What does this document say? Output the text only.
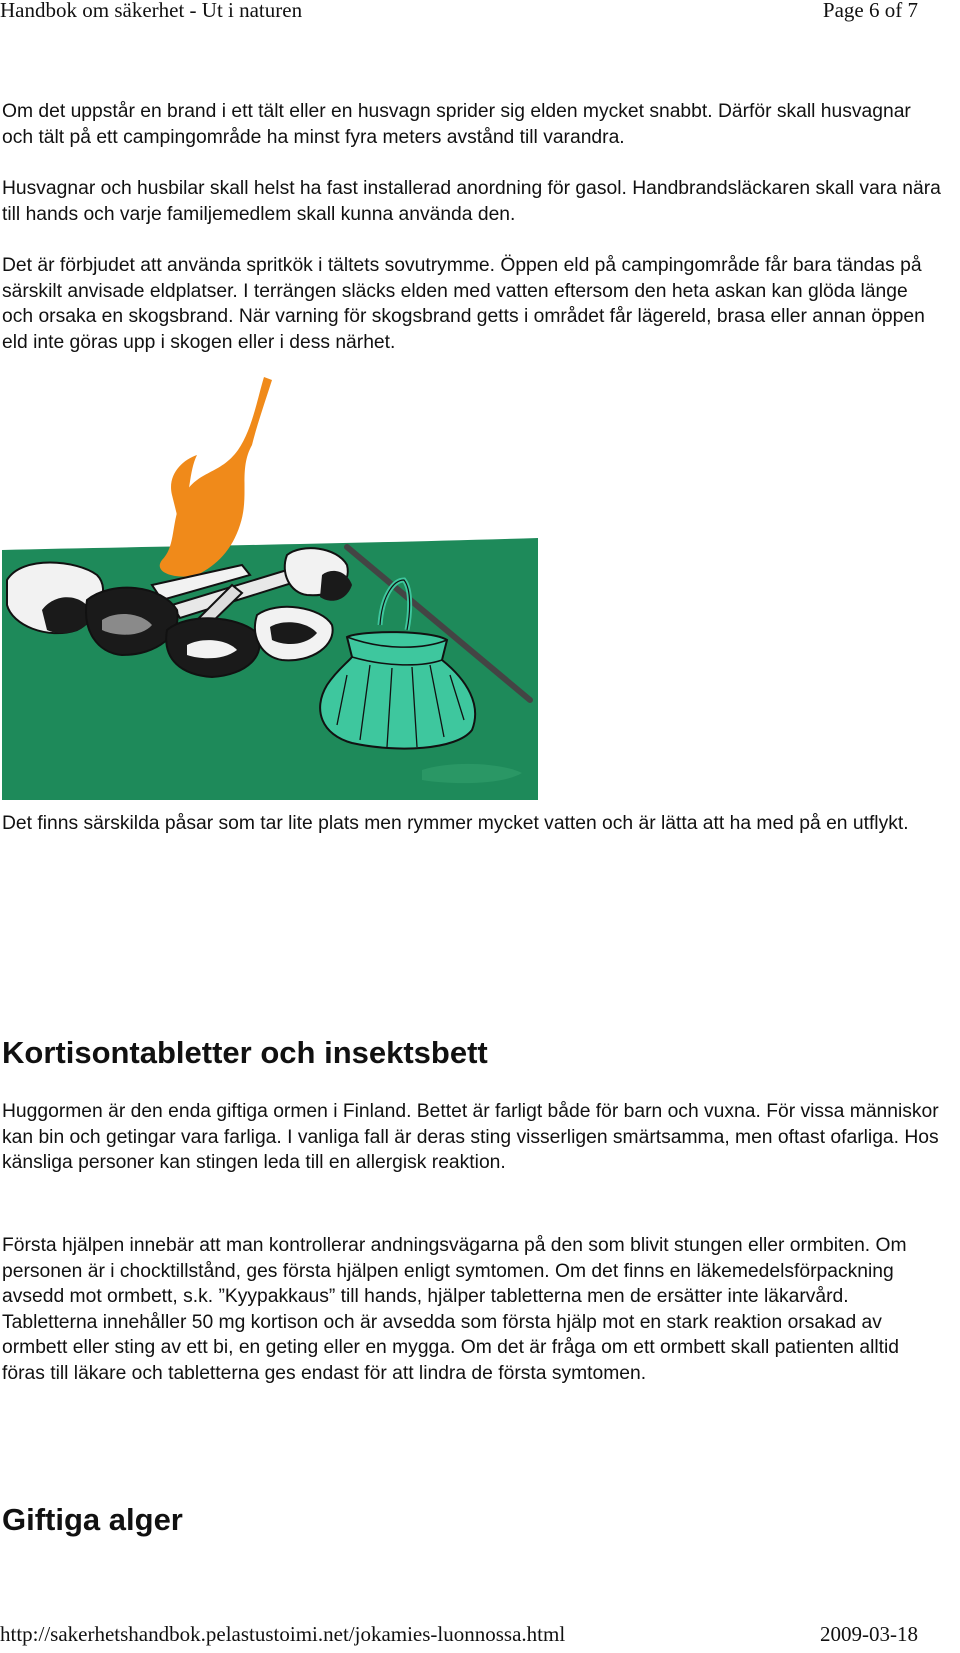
Handbok om säkerhet - Ut i naturen	Page 6 of 7

Om det uppstår en brand i ett tält eller en husvagn sprider sig elden mycket snabbt. Därför skall husvagnar och tält på ett campingområde ha minst fyra meters avstånd till varandra.

Husvagnar och husbilar skall helst ha fast installerad anordning för gasol. Handbrandsläckaren skall vara nära till hands och varje familjemedlem skall kunna använda den.

Det är förbjudet att använda spritkök i tältets sovutrymme. Öppen eld på campingområde får bara tändas på särskilt anvisade eldplatser. I terrängen släcks elden med vatten eftersom den heta askan kan glöda länge och orsaka en skogsbrand. När varning för skogsbrand getts i området får lägereld, brasa eller annan öppen eld inte göras upp i skogen eller i dess närhet.

Det finns särskilda påsar som tar lite plats men rymmer mycket vatten och är lätta att ha med på en utflykt.

Kortisontabletter och insektsbett

Huggormen är den enda giftiga ormen i Finland. Bettet är farligt både för barn och vuxna. För vissa människor kan bin och getingar vara farliga. I vanliga fall är deras sting visserligen smärtsamma, men oftast ofarliga. Hos känsliga personer kan stingen leda till en allergisk reaktion.

Första hjälpen innebär att man kontrollerar andningsvägarna på den som blivit stungen eller ormbiten. Om personen är i chocktillstånd, ges första hjälpen enligt symtomen. Om det finns en läkemedelsförpackning avsedd mot ormbett, s.k. ”Kyypakkaus” till hands, hjälper tabletterna men de ersätter inte läkarvård. Tabletterna innehåller 50 mg kortison och är avsedda som första hjälp mot en stark reaktion orsakad av ormbett eller sting av ett bi, en geting eller en mygga. Om det är fråga om ett ormbett skall patienten alltid föras till läkare och tabletterna ges endast för att lindra de första symtomen.

Giftiga alger
http://sakerhetshandbok.pelastustoimi.net/jokamies-luonnossa.html	2009-03-18
